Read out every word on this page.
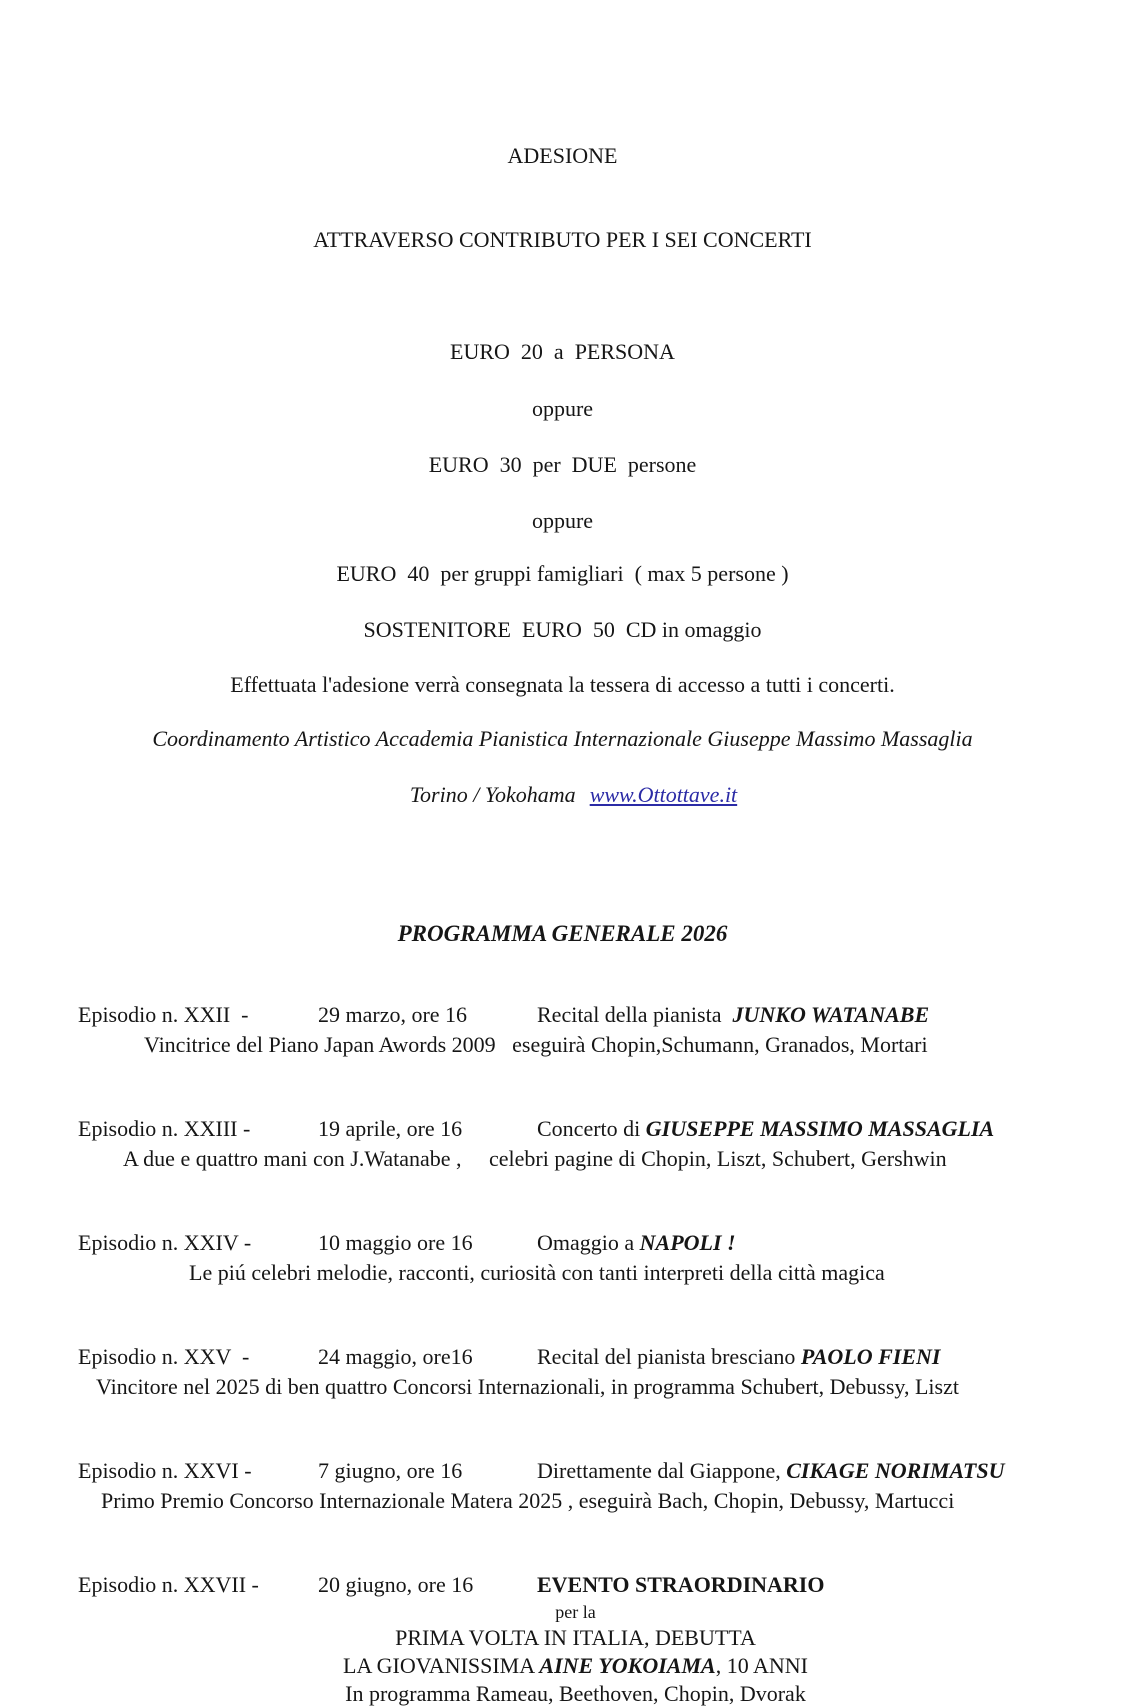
ADESIONE

ATTRAVERSO CONTRIBUTO PER I SEI CONCERTI

EURO  20  a  PERSONA
oppure
EURO  30  per  DUE  persone
oppure
EURO  40  per gruppi famigliari  ( max 5 persone )
SOSTENITORE  EURO  50  CD in omaggio
Effettuata l'adesione verrà consegnata la tessera di accesso a tutti i concerti.
Coordinamento Artistico Accademia Pianistica Internazionale Giuseppe Massimo Massaglia

Torino / Yokohama www.Ottottave.it

PROGRAMMA GENERALE 2026
Episodio n. XXII  -	29 marzo, ore 16	Recital della pianista  JUNKO WATANABE
Vincitrice del Piano Japan Awords 2009   eseguirà Chopin,Schumann, Granados, Mortari
Episodio n. XXIII -	19 aprile, ore 16	Concerto di GIUSEPPE MASSIMO MASSAGLIA
A due e quattro mani con J.Watanabe ,     celebri pagine di Chopin, Liszt, Schubert, Gershwin
Episodio n. XXIV -	10 maggio ore 16	Omaggio a NAPOLI !
Le piú celebri melodie, racconti, curiosità con tanti interpreti della città magica
Episodio n. XXV  -	24 maggio, ore16	Recital del pianista bresciano PAOLO FIENI
Vincitore nel 2025 di ben quattro Concorsi Internazionali, in programma Schubert, Debussy, Liszt
Episodio n. XXVI -	7 giugno, ore 16	Direttamente dal Giappone, CIKAGE NORIMATSU
Primo Premio Concorso Internazionale Matera 2025 , eseguirà Bach, Chopin, Debussy, Martucci
Episodio n. XXVII -	20 giugno, ore 16	EVENTO STRAORDINARIO
per la
PRIMA VOLTA IN ITALIA, DEBUTTA
LA GIOVANISSIMA AINE YOKOIAMA, 10 ANNI
In programma Rameau, Beethoven, Chopin, Dvorak
